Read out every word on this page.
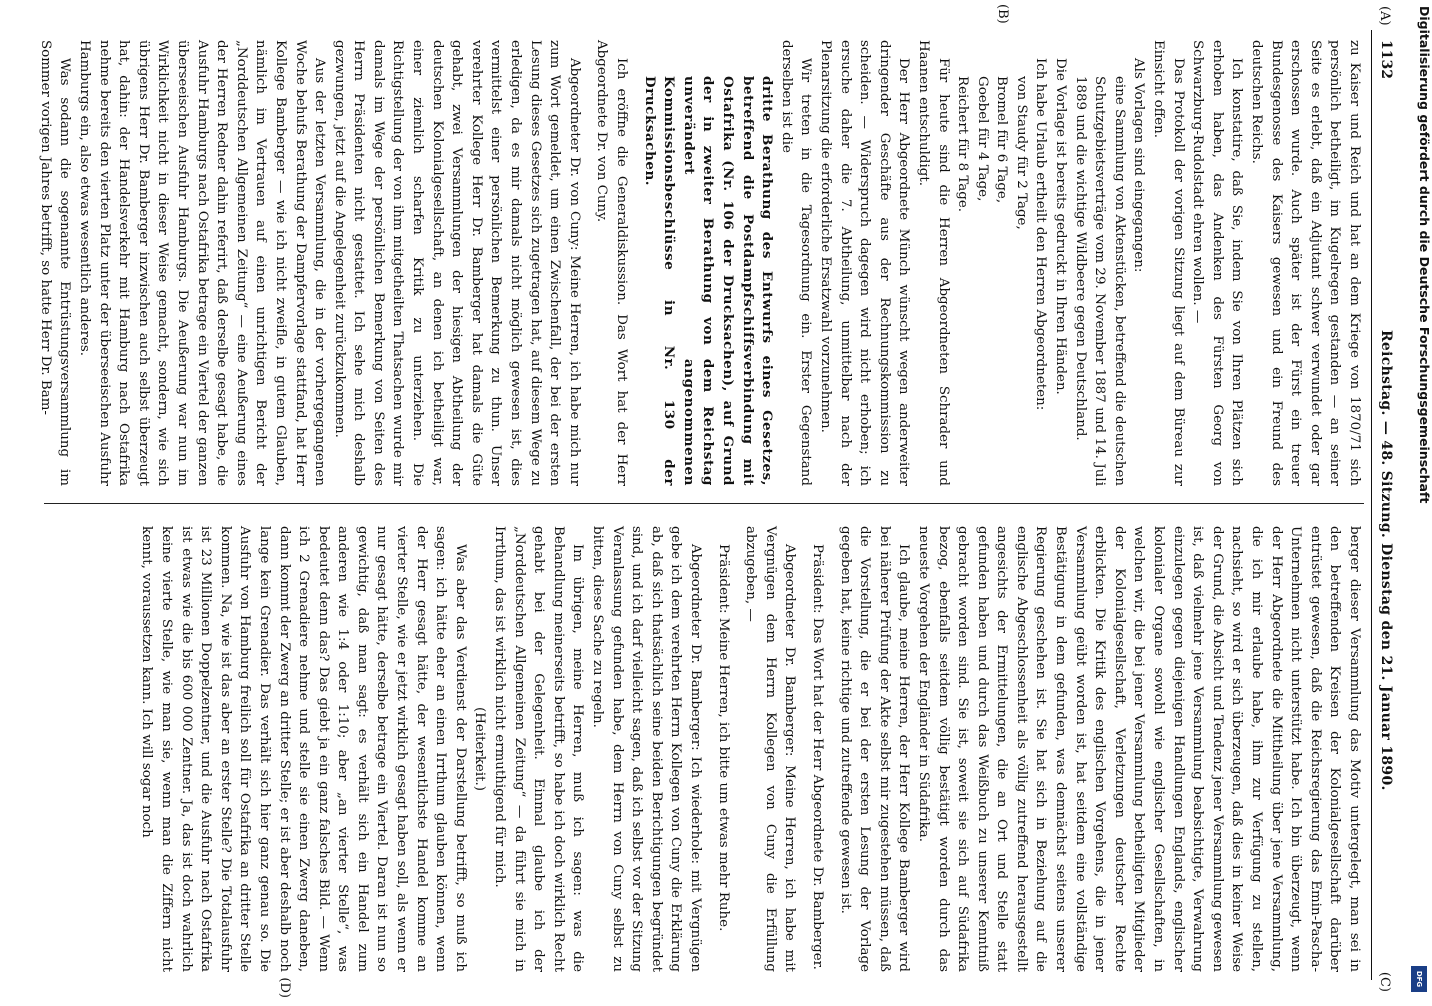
(A)
1132
Reichstag. — 48. Sitzung. Dienstag den 21. Januar 1890.
(C)

zu Kaiser und Reich und hat an dem Kriege von 1870/71 sich persönlich betheiligt, im Kugelregen gestanden — an seiner Seite es erlebt, daß ein Adjutant schwer verwundet oder gar erschossen wurde. Auch später ist der Fürst ein treuer Bundesgenosse des Kaisers gewesen und ein Freund des deutschen Reichs.

Ich konstatire, daß Sie, indem Sie von Ihren Plätzen sich erhoben haben, das Andenken des Fürsten Georg von Schwarzburg-Rudolstadt ehren wollen. —

Das Protokoll der vorigen Sitzung liegt auf dem Büreau zur Einsicht offen.

Als Vorlagen sind eingegangen:

eine Sammlung von Aktenstücken, betreffend die deutschen Schutzgebietsverträge vom 29. November 1887 und 14. Juli 1889 und die wichtige Wildbeere gegen Deutschland.

Die Vorlage ist bereits gedruckt in Ihren Händen.

Ich habe Urlaub ertheilt den Herren Abgeordneten:

von Staudy für 2 Tage,

Bromel für 6 Tage,

Goebel für 4 Tage,

Reichert für 8 Tage.

Für heute sind die Herren Abgeordneten Schrader und Haanen entschuldigt.

Der Herr Abgeordnete Münch wünscht wegen anderweiter dringender Geschäfte aus der Rechnungskommission zu scheiden. — Widerspruch dagegen wird nicht erhoben; ich ersuche daher die 7. Abtheilung, unmittelbar nach der Plenarsitzung die erforderliche Ersatzwahl vorzunehmen.

Wir treten in die Tagesordnung ein. Erster Gegenstand derselben ist die

dritte Berathung des Entwurfs eines Gesetzes, betreffend die Postdampfschiffsverbindung mit Ostafrika (Nr. 106 der Drucksachen), auf Grund der in zweiter Berathung von dem Reichstag unverändert angenommenen Kommissionsbeschlüsse in Nr. 130 der Drucksachen.

Ich eröffne die Generaldiskussion. Das Wort hat der Herr Abgeordnete Dr. von Cuny.

Abgeordneter Dr. von Cuny: Meine Herren, ich habe mich nur zum Wort gemeldet, um einen Zwischenfall, der bei der ersten Lesung dieses Gesetzes sich zugetragen hat, auf diesem Wege zu erledigen, da es mir damals nicht möglich gewesen ist, dies vermittelst einer persönlichen Bemerkung zu thun. Unser verehrter Kollege Herr Dr. Bamberger hat damals die Güte gehabt, zwei Versammlungen der hiesigen Abtheilung der deutschen Kolonialgesellschaft, an denen ich betheiligt war, einer ziemlich scharfen Kritik zu unterziehen. Die Richtigstellung der von ihm mitgetheilten Thatsachen wurde mir damals im Wege der persönlichen Bemerkung von Seiten des Herrn Präsidenten nicht gestattet. Ich sehe mich deshalb gezwungen, jetzt auf die Angelegenheit zurückzukommen.

Aus der letzten Versammlung, die in der vorhergegangenen Woche behufs Berathung der Dampfervorlage stattfand, hat Herr Kollege Bamberger — wie ich nicht zweifle, in gutem Glauben, nämlich im Vertrauen auf einen unrichtigen Bericht der „Norddeutschen Allgemeinen Zeitung“ — eine Aeußerung eines der Herren Redner dahin referirt, daß derselbe gesagt habe, die Ausfuhr Hamburgs nach Ostafrika betrage ein Viertel der ganzen überseeischen Ausfuhr Hamburgs. Die Aeußerung war nun im Wirklichkeit nicht in dieser Weise gemacht, sondern, wie sich übrigens Herr Dr. Bamberger inzwischen auch selbst überzeugt hat, dahin: der Handelsverkehr mit Hamburg nach Ostafrika nehme bereits den vierten Platz unter der überseeischen Ausfuhr Hamburgs ein, also etwas wesentlich anderes.

Was sodann die sogenannte Entrüstungsversammlung im Sommer vorigen Jahres betrifft, so hatte Herr Dr. Bam-

(B)

berger dieser Versammlung das Motiv untergelegt, man sei in den betreffenden Kreisen der Kolonialgesellschaft darüber entrüstet gewesen, daß die Reichsregierung das Emin-Pascha-Unternehmen nicht unterstützt habe. Ich bin überzeugt, wenn der Herr Abgeordnete die Mittheilung über jene Versammlung, die ich mir erlaube habe, ihm zur Verfügung zu stellen, nachsieht, so wird er sich überzeugen, daß dies in keiner Weise der Grund, die Absicht und Tendenz jener Versammlung gewesen ist, daß vielmehr jene Versammlung beabsichtigte, Verwahrung einzulegen gegen diejenigen Handlungen Englands, englischer kolonialer Organe sowohl wie englischer Gesellschaften, in welchen wir, die bei jener Versammlung betheiligten Mitglieder der Kolonialgesellschaft, Verletzungen deutscher Rechte erblickten. Die Kritik des englischen Vorgehens, die in jener Versammlung geübt worden ist, hat seitdem eine vollständige Bestätigung in dem gefunden, was demnächst seitens unserer Regierung geschehen ist. Sie hat sich in Beziehung auf die englische Abgeschlossenheit als völlig zutreffend herausgestellt angesichts der Ermittelungen, die an Ort und Stelle statt gefunden haben und durch das Weißbuch zu unserer Kenntniß gebracht worden sind. Sie ist, soweit sie sich auf Südafrika bezog, ebenfalls seitdem völlig bestätigt worden durch das neueste Vorgehen der Engländer in Südafrika.

Ich glaube, meine Herren, der Herr Kollege Bamberger wird bei näherer Prüfung der Akte selbst mir zugestehen müssen, daß die Vorstellung, die er bei der ersten Lesung der Vorlage gegeben hat, keine richtige und zutreffende gewesen ist.

Präsident: Das Wort hat der Herr Abgeordnete Dr. Bamberger.

Abgeordneter Dr. Bamberger: Meine Herren, ich habe mit Vergnügen dem Herrn Kollegen von Cuny die Erfüllung abzugeben, —

Präsident: Meine Herren, ich bitte um etwas mehr Ruhe.

Abgeordneter Dr. Bamberger: Ich wiederhole: mit Vergnügen gebe ich dem verehrten Herrn Kollegen von Cuny die Erklärung ab, daß sich thatsächlich seine beiden Berichtigungen begründet sind, und ich darf vielleicht sagen, daß ich selbst vor der Sitzung Veranlassung gefunden habe, dem Herrn von Cuny selbst zu bitten, diese Sache zu regeln.

Im übrigen, meine Herren, muß ich sagen: was die Behandlung meinerseits betrifft, so habe ich doch wirklich Recht gehabt bei der Gelegenheit. Einmal glaube ich der „Norddeutschen Allgemeinen Zeitung“ — da führt sie mich in Irrthum, das ist wirklich nicht ermuthigend für mich.

(Heiterkeit.)

Was aber das Verdienst der Darstellung betrifft, so muß ich sagen: ich hätte eher an einen Irrthum glauben können, wenn der Herr gesagt hätte, der wesentlichste Handel komme an vierter Stelle, wie er jetzt wirklich gesagt haben soll, als wenn er nur gesagt hätte, derselbe betrage ein Viertel. Daran ist nun so gewichtig, daß man sagt: es verhält sich ein Handel zum anderen wie 1:4 oder 1:10; aber „an vierter Stelle“, was bedeutet denn das? Das giebt ja ein ganz falsches Bild. — Wenn ich 2 Grenadiere nehme und stelle sie einen Zwerg daneben, dann kommt der Zwerg an dritter Stelle; er ist aber deshalb noch lange kein Grenadier. Das verhält sich hier ganz genau so. Die Ausfuhr von Hamburg freilich soll für Ostafrika an dritter Stelle kommen. Na, wie ist das aber an erster Stelle? Die Totalausfuhr ist 23 Millionen Doppelzentner, und die Ausfuhr nach Ostafrika ist etwas wie die bis 600 000 Zentner. Ja, das ist doch wahrlich keine vierte Stelle, wie man sie, wenn man die Ziffern nicht kennt, voraussetzen kann. Ich will sogar noch

(D)
Digitalisierung gefördert durch die Deutsche Forschungsgemeinschaft
DFG
